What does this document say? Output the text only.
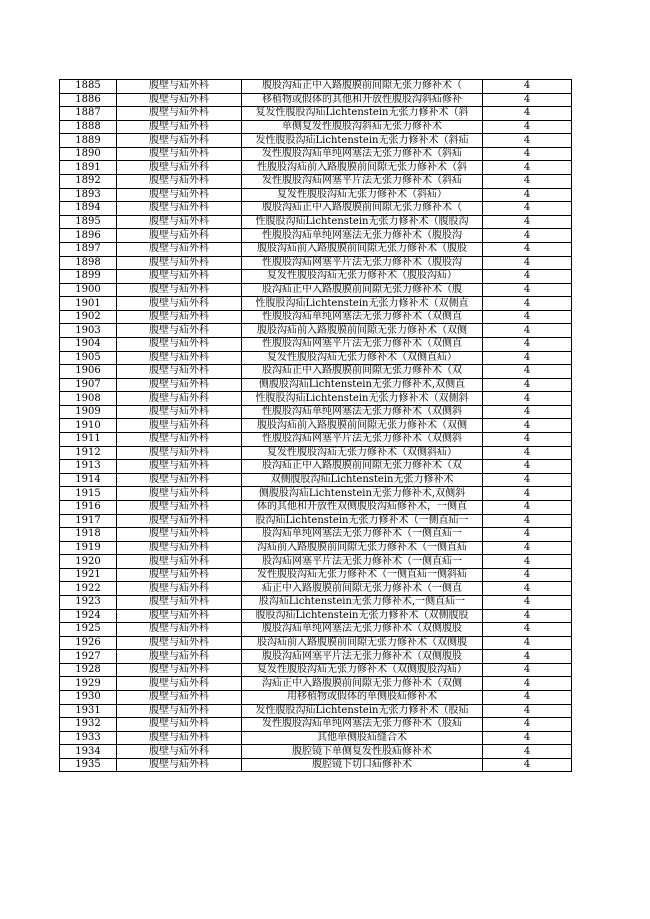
1885	腹壁与疝外科	腹股沟疝正中入路腹膜前间隙无张力修补术（	4
1886	腹壁与疝外科	移植物或假体的其他和开放性腹股沟斜疝修补	4
1887	腹壁与疝外科	复发性腹股沟疝Lichtenstein无张力修补术（斜	4
1888	腹壁与疝外科	单侧复发性腹股沟斜疝无张力修补术	4
1889	腹壁与疝外科	发性腹股沟疝Lichtenstein无张力修补术（斜疝	4
1890	腹壁与疝外科	发性腹股沟疝单纯网塞法无张力修补术（斜疝	4
1891	腹壁与疝外科	性腹股沟疝前入路腹膜前间隙无张力修补术（斜	4
1892	腹壁与疝外科	发性腹股沟疝网塞平片法无张力修补术（斜疝	4
1893	腹壁与疝外科	复发性腹股沟疝无张力修补术（斜疝）	4
1894	腹壁与疝外科	腹股沟疝正中入路腹膜前间隙无张力修补术（	4
1895	腹壁与疝外科	性腹股沟疝Lichtenstein无张力修补术（腹股沟	4
1896	腹壁与疝外科	性腹股沟疝单纯网塞法无张力修补术（腹股沟	4
1897	腹壁与疝外科	腹股沟疝前入路腹膜前间隙无张力修补术（腹股	4
1898	腹壁与疝外科	性腹股沟疝网塞平片法无张力修补术（腹股沟	4
1899	腹壁与疝外科	复发性腹股沟疝无张力修补术（腹股沟疝）	4
1900	腹壁与疝外科	股沟疝正中入路腹膜前间隙无张力修补术（腹	4
1901	腹壁与疝外科	性腹股沟疝Lichtenstein无张力修补术（双侧直	4
1902	腹壁与疝外科	性腹股沟疝单纯网塞法无张力修补术（双侧直	4
1903	腹壁与疝外科	腹股沟疝前入路腹膜前间隙无张力修补术（双侧	4
1904	腹壁与疝外科	性腹股沟疝网塞平片法无张力修补术（双侧直	4
1905	腹壁与疝外科	复发性腹股沟疝无张力修补术（双侧直疝）	4
1906	腹壁与疝外科	股沟疝正中入路腹膜前间隙无张力修补术（双	4
1907	腹壁与疝外科	侧腹股沟疝Lichtenstein无张力修补术,双侧直	4
1908	腹壁与疝外科	性腹股沟疝Lichtenstein无张力修补术（双侧斜	4
1909	腹壁与疝外科	性腹股沟疝单纯网塞法无张力修补术（双侧斜	4
1910	腹壁与疝外科	腹股沟疝前入路腹膜前间隙无张力修补术（双侧	4
1911	腹壁与疝外科	性腹股沟疝网塞平片法无张力修补术（双侧斜	4
1912	腹壁与疝外科	复发性腹股沟疝无张力修补术（双侧斜疝）	4
1913	腹壁与疝外科	股沟疝正中入路腹膜前间隙无张力修补术（双	4
1914	腹壁与疝外科	双侧腹股沟疝Lichtenstein无张力修补术	4
1915	腹壁与疝外科	侧腹股沟疝Lichtenstein无张力修补术,双侧斜	4
1916	腹壁与疝外科	体的其他和开放性双侧腹股沟疝修补术，一侧直	4
1917	腹壁与疝外科	股沟疝Lichtenstein无张力修补术（一侧直疝一	4
1918	腹壁与疝外科	股沟疝单纯网塞法无张力修补术（一侧直疝一	4
1919	腹壁与疝外科	沟疝前入路腹膜前间隙无张力修补术（一侧直疝	4
1920	腹壁与疝外科	股沟疝网塞平片法无张力修补术（一侧直疝一	4
1921	腹壁与疝外科	发性腹股沟疝无张力修补术（一侧直疝一侧斜疝	4
1922	腹壁与疝外科	疝正中入路腹膜前间隙无张力修补术（一侧直	4
1923	腹壁与疝外科	股沟疝Lichtenstein无张力修补术,一侧直疝一	4
1924	腹壁与疝外科	腹股沟疝Lichtenstein无张力修补术（双侧腹股	4
1925	腹壁与疝外科	腹股沟疝单纯网塞法无张力修补术（双侧腹股	4
1926	腹壁与疝外科	股沟疝前入路腹膜前间隙无张力修补术（双侧腹	4
1927	腹壁与疝外科	腹股沟疝网塞平片法无张力修补术（双侧腹股	4
1928	腹壁与疝外科	复发性腹股沟疝无张力修补术（双侧腹股沟疝）	4
1929	腹壁与疝外科	沟疝正中入路腹膜前间隙无张力修补术（双侧	4
1930	腹壁与疝外科	用移植物或假体的单侧股疝修补术	4
1931	腹壁与疝外科	发性腹股沟疝Lichtenstein无张力修补术（股疝	4
1932	腹壁与疝外科	发性腹股沟疝单纯网塞法无张力修补术（股疝	4
1933	腹壁与疝外科	其他单侧股疝缝合术	4
1934	腹壁与疝外科	腹腔镜下单侧复发性股疝修补术	4
1935	腹壁与疝外科	腹腔镜下切口疝修补术	4
